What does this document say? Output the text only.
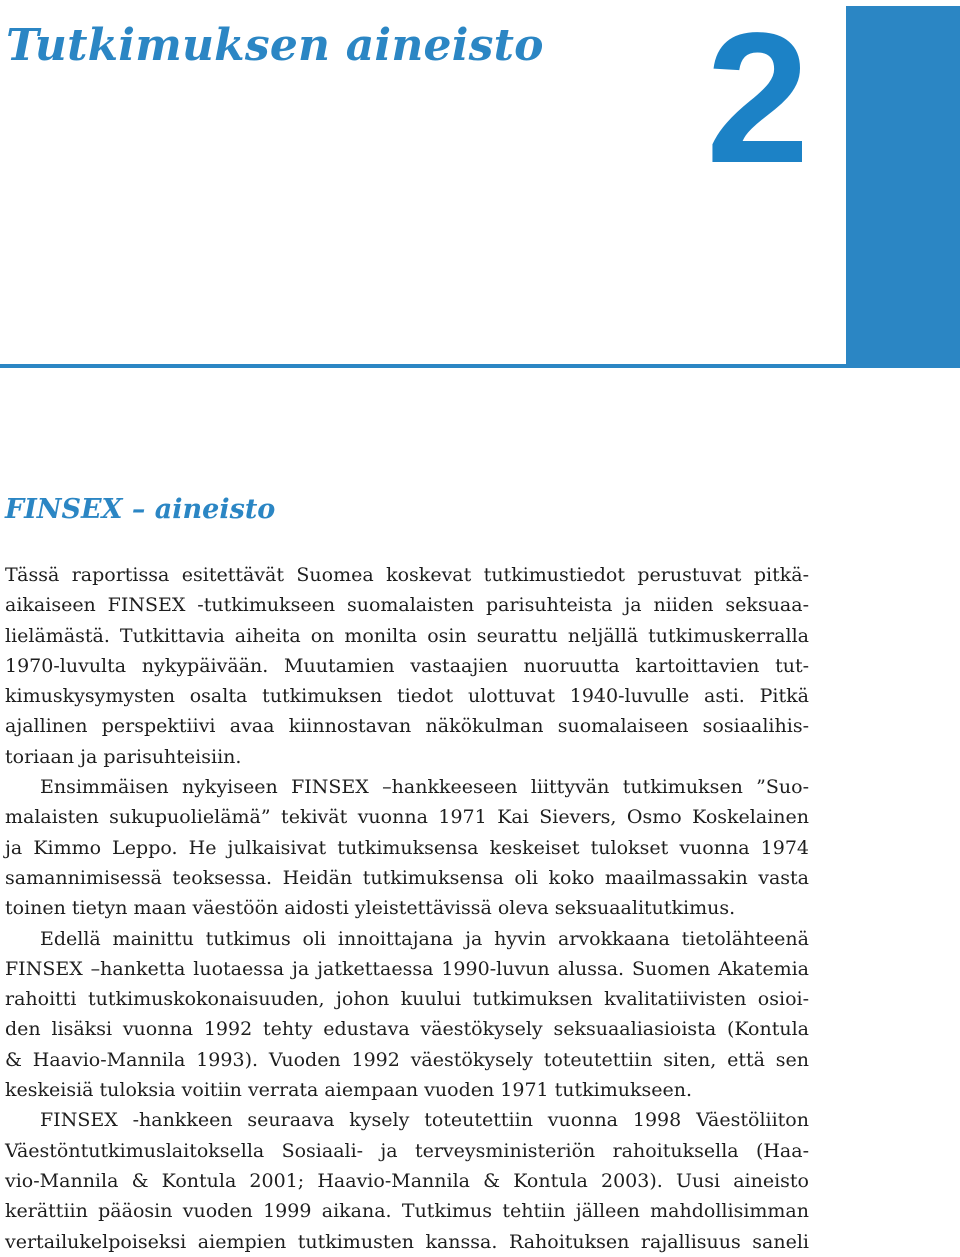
Tutkimuksen aineisto 2
FINSEX – aineisto
Tässä raportissa esitettävät Suomea koskevat tutkimustiedot perustuvat pitkä-
aikaiseen FINSEX -tutkimukseen suomalaisten parisuhteista ja niiden seksuaa-
lielämästä. Tutkittavia aiheita on monilta osin seurattu neljällä tutkimuskerralla
1970-luvulta nykypäivään. Muutamien vastaajien nuoruutta kartoittavien tut-
kimuskysymysten osalta tutkimuksen tiedot ulottuvat 1940-luvulle asti. Pitkä
ajallinen perspektiivi avaa kiinnostavan näkökulman suomalaiseen sosiaalihis-
toriaan ja parisuhteisiin.
Ensimmäisen nykyiseen FINSEX –hankkeeseen liittyvän tutkimuksen ”Suo-
malaisten sukupuolielämä” tekivät vuonna 1971 Kai Sievers, Osmo Koskelainen
ja Kimmo Leppo. He julkaisivat tutkimuksensa keskeiset tulokset vuonna 1974
samannimisessä teoksessa. Heidän tutkimuksensa oli koko maailmassakin vasta
toinen tietyn maan väestöön aidosti yleistettävissä oleva seksuaalitutkimus.
Edellä mainittu tutkimus oli innoittajana ja hyvin arvokkaana tietolähteenä
FINSEX –hanketta luotaessa ja jatkettaessa 1990-luvun alussa. Suomen Akatemia
rahoitti tutkimuskokonaisuuden, johon kuului tutkimuksen kvalitatiivisten osioi-
den lisäksi vuonna 1992 tehty edustava väestökysely seksuaaliasioista (Kontula
& Haavio-Mannila 1993). Vuoden 1992 väestökysely toteutettiin siten, että sen
keskeisiä tuloksia voitiin verrata aiempaan vuoden 1971 tutkimukseen.
FINSEX -hankkeen seuraava kysely toteutettiin vuonna 1998 Väestöliiton
Väestöntutkimuslaitoksella Sosiaali- ja terveysministeriön rahoituksella (Haa-
vio-Mannila & Kontula 2001; Haavio-Mannila & Kontula 2003). Uusi aineisto
kerättiin pääosin vuoden 1999 aikana. Tutkimus tehtiin jälleen mahdollisimman
vertailukelpoiseksi aiempien tutkimusten kanssa. Rahoituksen rajallisuus saneli
